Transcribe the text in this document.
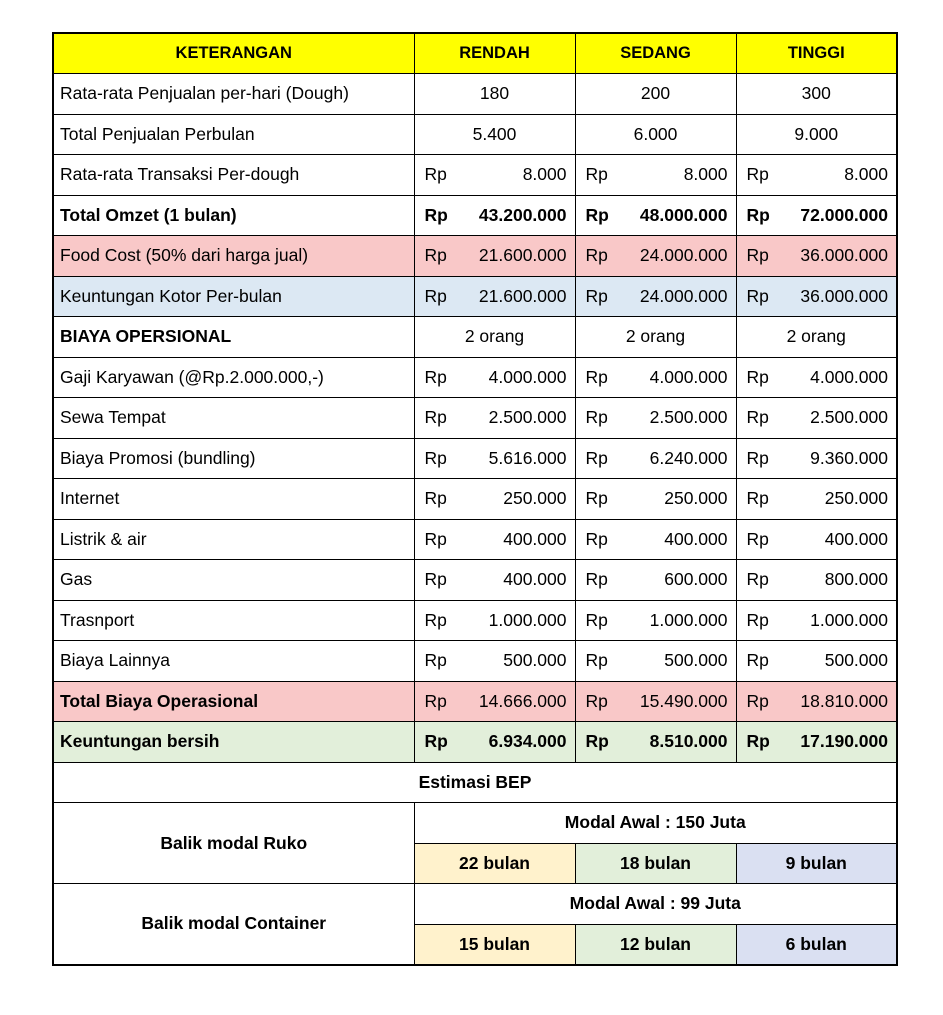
KETERANGAN	RENDAH	SEDANG	TINGGI
Rata-rata Penjualan per-hari (Dough)	180	200	300
Total Penjualan Perbulan	5.400	6.000	9.000
Rata-rata Transaksi Per-dough	Rp 8.000	Rp 8.000	Rp 8.000

Total Omzet (1 bulan)	Rp 43.200.000	Rp 48.000.000	Rp 72.000.000

Food Cost (50% dari harga jual)	Rp 21.600.000	Rp 24.000.000	Rp 36.000.000

Keuntungan Kotor Per-bulan	Rp 21.600.000	Rp 24.000.000	Rp 36.000.000

BIAYA OPERSIONAL	2 orang	2 orang	2 orang
Gaji Karyawan (@Rp.2.000.000,-)	Rp 4.000.000	Rp 4.000.000	Rp 4.000.000

Sewa Tempat	Rp 2.500.000	Rp 2.500.000	Rp 2.500.000

Biaya Promosi (bundling)	Rp 5.616.000	Rp 6.240.000	Rp 9.360.000

Internet	Rp 250.000	Rp 250.000	Rp 250.000

Listrik & air	Rp 400.000	Rp 400.000	Rp 400.000

Gas	Rp 400.000	Rp 600.000	Rp 800.000

Trasnport	Rp 1.000.000	Rp 1.000.000	Rp 1.000.000

Biaya Lainnya	Rp 500.000	Rp 500.000	Rp 500.000

Total Biaya Operasional	Rp 14.666.000	Rp 15.490.000	Rp 18.810.000

Keuntungan bersih	Rp 6.934.000	Rp 8.510.000	Rp 17.190.000

Estimasi BEP			
Balik modal Ruko	Modal Awal : 150 Juta		
	22 bulan	18 bulan	9 bulan
Balik modal Container	Modal Awal : 99 Juta		
	15 bulan	12 bulan	6 bulan
